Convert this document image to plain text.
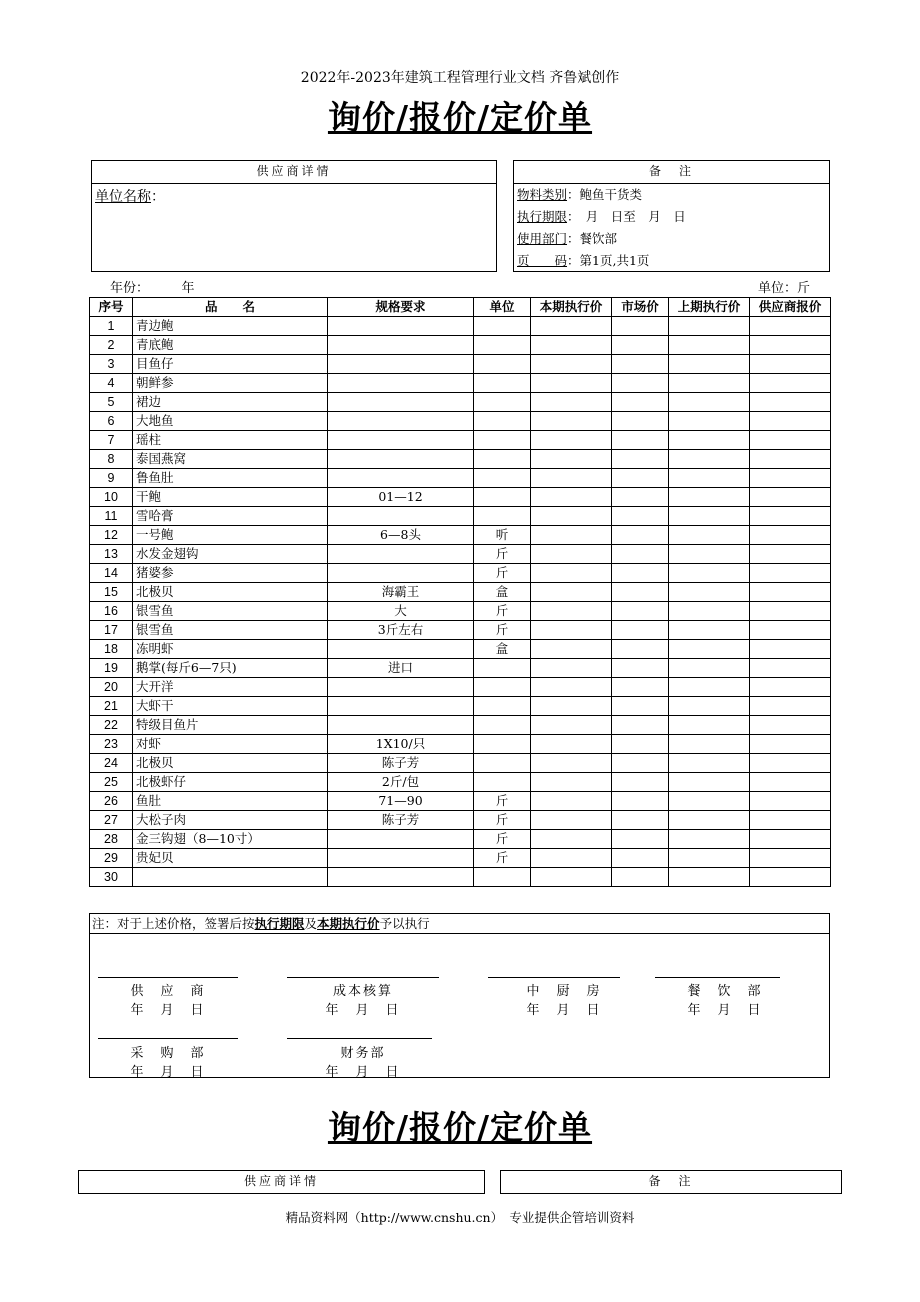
2022年-2023年建筑工程管理行业文档 齐鲁斌创作
询价/报价/定价单
供应商详情
单位名称：
备　注
物料类别：鲍鱼干货类
执行期限：　月　日至　月　日
使用部门：餐饮部
页　　码：第1页,共1页
年份：　　　年	单位：斤
序号	品　　名	规格要求	单位	本期执行价	市场价	上期执行价	供应商报价
1	青边鲍						
2	青底鲍						
3	目鱼仔						
4	朝鲜参						
5	裙边						
6	大地鱼						
7	瑶柱						
8	泰国燕窝						
9	鲁鱼肚						
10	干鲍	01—12					
11	雪哈膏						
12	一号鲍	6—8头	听				
13	水发金翅钩		斤				
14	猪婆参		斤				
15	北极贝	海霸王	盒				
16	银雪鱼	大	斤				
17	银雪鱼	3斤左右	斤				
18	冻明虾		盒				
19	鹅掌(每斤6—7只)	进口					
20	大开洋						
21	大虾干						
22	特级目鱼片						
23	对虾	1X10/只					
24	北极贝	陈子芳					
25	北极虾仔	2斤/包					
26	鱼肚	71—90	斤				
27	大松子肉	陈子芳	斤				
28	金三钩翅（8—10寸）		斤				
29	贵妃贝		斤				
30							
注：对于上述价格，签署后按执行期限及本期执行价予以执行
供　应　商
年　月　日
成本核算
年　月　日
中　厨　房
年　月　日
餐　饮　部
年　月　日
采　购　部
年　月　日
财务部
年　月　日
询价/报价/定价单
供应商详情	备　注
精品资料网（http://www.cnshu.cn）　专业提供企管培训资料
